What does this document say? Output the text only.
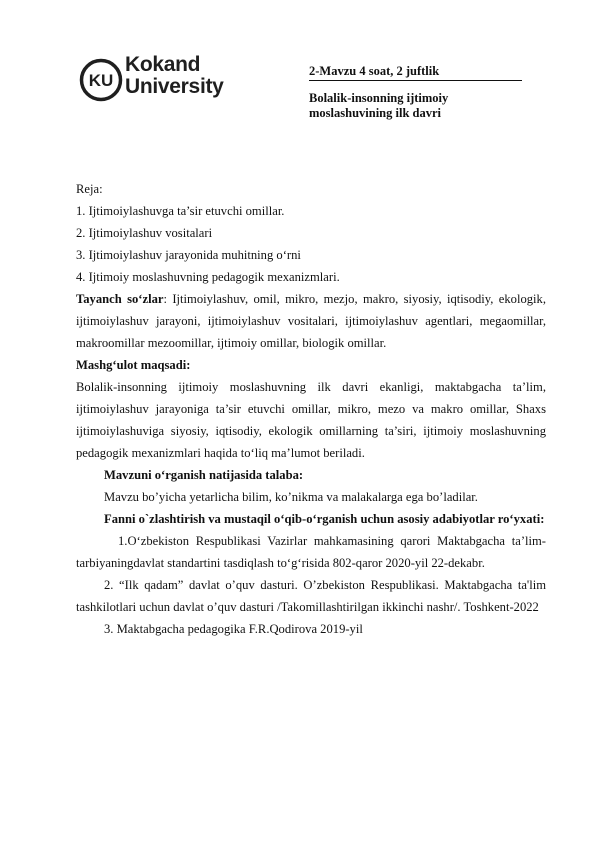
KU
Kokand
University
2-Mavzu 4 soat, 2 juftlik
Bolalik-insonning ijtimoiy moslashuvining ilk davri

Reja:

1. Ijtimoiylashuvga ta’sir etuvchi omillar.

2. Ijtimoiylashuv vositalari

3. Ijtimoiylashuv jarayonida muhitning o‘rni

4. Ijtimoiy moslashuvning pedagogik mexanizmlari.

Tayanch so‘zlar: Ijtimoiylashuv, omil, mikro, mezjo, makro, siyosiy, iqtisodiy, ekologik, ijtimoiylashuv jarayoni, ijtimoiylashuv vositalari, ijtimoiylashuv agentlari, megaomillar, makroomillar mezoomillar, ijtimoiy omillar, biologik omillar.

Mashg‘ulot maqsadi:

Bolalik-insonning ijtimoiy moslashuvning ilk davri ekanligi, maktabgacha ta’lim, ijtimoiylashuv jarayoniga ta’sir etuvchi omillar, mikro, mezo va makro omillar, Shaxs ijtimoiylashuviga siyosiy, iqtisodiy, ekologik omillarning ta’siri, ijtimoiy moslashuvning pedagogik mexanizmlari haqida to‘liq ma’lumot beriladi.

Mavzuni o‘rganish natijasida talaba:

Mavzu bo’yicha yetarlicha bilim, ko’nikma va malakalarga ega bo’ladilar.

Fanni o`zlashtirish va mustaqil o‘qib-o‘rganish uchun asosiy adabiyotlar ro‘yxati:

1.O‘zbekiston Respublikasi Vazirlar mahkamasining qarori Maktabgacha ta’lim-tarbiyaningdavlat standartini tasdiqlash to‘g‘risida 802-qaror 2020-yil 22-dekabr.

2. “Ilk qadam” davlat o’quv dasturi. O’zbekiston Respublikasi. Maktabgacha ta'lim tashkilotlari uchun davlat o’quv dasturi /Takomillashtirilgan ikkinchi nashr/. Toshkent-2022

3. Maktabgacha pedagogika F.R.Qodirova 2019-yil
